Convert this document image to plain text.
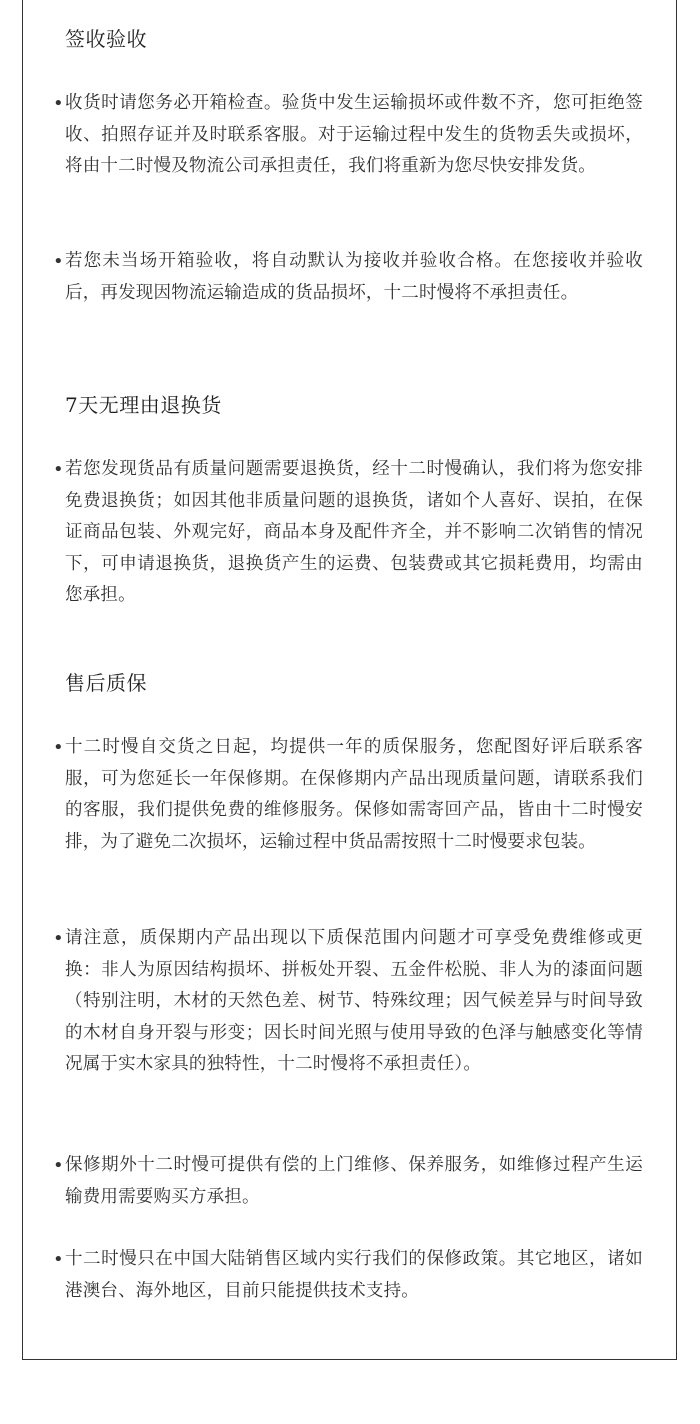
签收验收
• 收货时请您务必开箱检查。验货中发生运输损坏或件数不齐，您可拒绝签收、拍照存证并及时联系客服。对于运输过程中发生的货物丢失或损坏，将由十二时慢及物流公司承担责任，我们将重新为您尽快安排发货。
• 若您未当场开箱验收，将自动默认为接收并验收合格。在您接收并验收后，再发现因物流运输造成的货品损坏，十二时慢将不承担责任。
7天无理由退换货
• 若您发现货品有质量问题需要退换货，经十二时慢确认，我们将为您安排免费退换货；如因其他非质量问题的退换货，诸如个人喜好、误拍，在保证商品包装、外观完好，商品本身及配件齐全，并不影响二次销售的情况下，可申请退换货，退换货产生的运费、包装费或其它损耗费用，均需由您承担。
售后质保
• 十二时慢自交货之日起，均提供一年的质保服务，您配图好评后联系客服，可为您延长一年保修期。在保修期内产品出现质量问题，请联系我们的客服，我们提供免费的维修服务。保修如需寄回产品，皆由十二时慢安排，为了避免二次损坏，运输过程中货品需按照十二时慢要求包装。
• 请注意，质保期内产品出现以下质保范围内问题才可享受免费维修或更换：非人为原因结构损坏、拼板处开裂、五金件松脱、非人为的漆面问题（特别注明，木材的天然色差、树节、特殊纹理；因气候差异与时间导致的木材自身开裂与形变；因长时间光照与使用导致的色泽与触感变化等情况属于实木家具的独特性，十二时慢将不承担责任）。
• 保修期外十二时慢可提供有偿的上门维修、保养服务，如维修过程产生运输费用需要购买方承担。
• 十二时慢只在中国大陆销售区域内实行我们的保修政策。其它地区，诸如港澳台、海外地区，目前只能提供技术支持。
